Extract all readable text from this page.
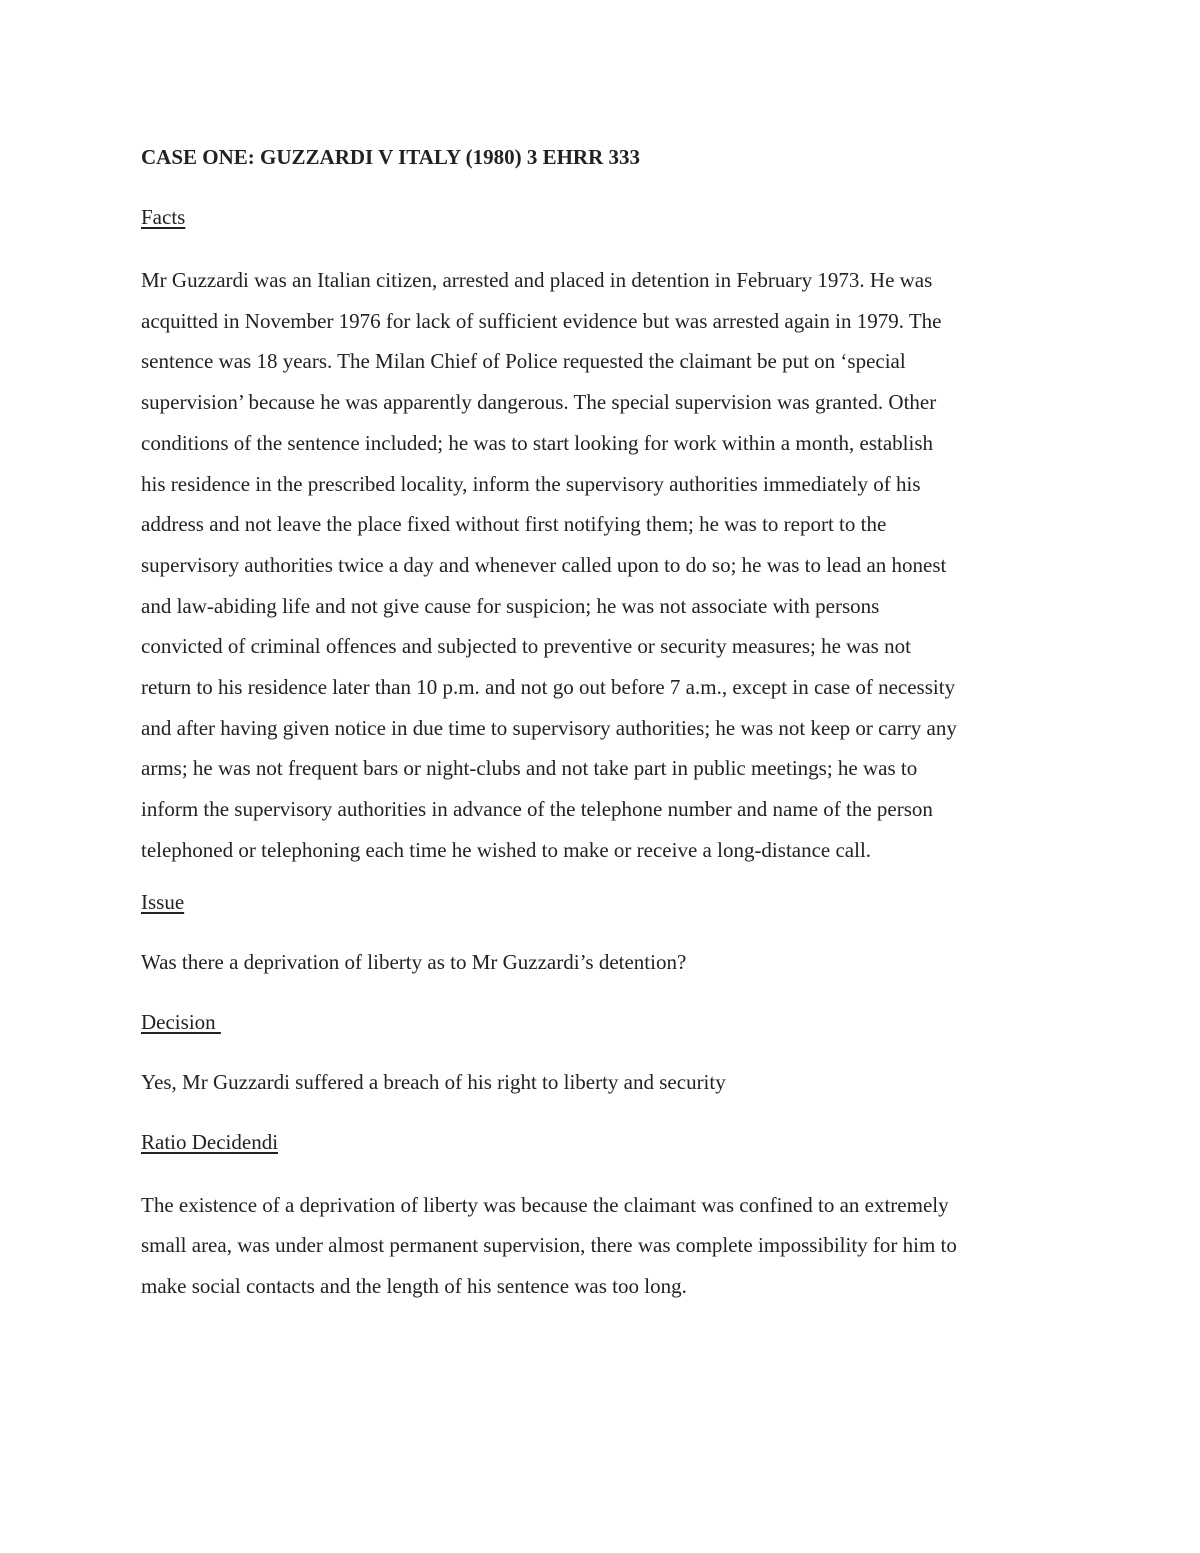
CASE ONE: GUZZARDI V ITALY (1980) 3 EHRR 333
Facts
Mr Guzzardi was an Italian citizen, arrested and placed in detention in February 1973. He was
acquitted in November 1976 for lack of sufficient evidence but was arrested again in 1979. The
sentence was 18 years. The Milan Chief of Police requested the claimant be put on ‘special
supervision’ because he was apparently dangerous. The special supervision was granted. Other
conditions of the sentence included; he was to start looking for work within a month, establish
his residence in the prescribed locality, inform the supervisory authorities immediately of his
address and not leave the place fixed without first notifying them; he was to report to the
supervisory authorities twice a day and whenever called upon to do so; he was to lead an honest
and law-abiding life and not give cause for suspicion; he was not associate with persons
convicted of criminal offences and subjected to preventive or security measures; he was not
return to his residence later than 10 p.m. and not go out before 7 a.m., except in case of necessity
and after having given notice in due time to supervisory authorities; he was not keep or carry any
arms; he was not frequent bars or night-clubs and not take part in public meetings; he was to
inform the supervisory authorities in advance of the telephone number and name of the person
telephoned or telephoning each time he wished to make or receive a long-distance call.
Issue
Was there a deprivation of liberty as to Mr Guzzardi’s detention?
Decision
Yes, Mr Guzzardi suffered a breach of his right to liberty and security
Ratio Decidendi
The existence of a deprivation of liberty was because the claimant was confined to an extremely
small area, was under almost permanent supervision, there was complete impossibility for him to
make social contacts and the length of his sentence was too long.
